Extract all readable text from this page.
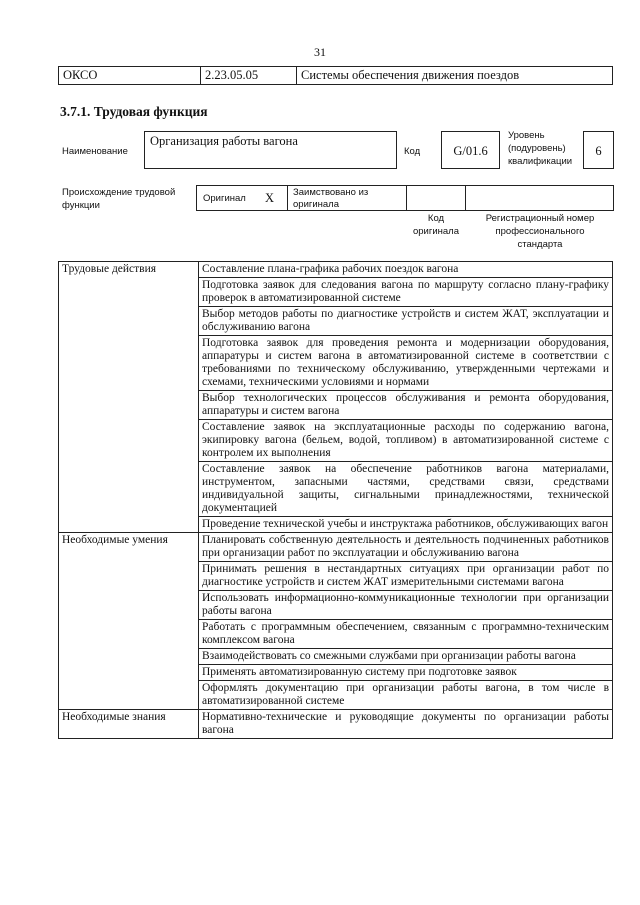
31
ОКСО	2.23.05.05	Системы обеспечения движения поездов
3.7.1. Трудовая функция
Наименование
Организация работы вагона
Код	G/01.6
Уровень
(подуровень)
квалификации
6
Происхождение трудовой
функции
Оригинал X Заимствовано из
оригинала
Код
оригинала
Регистрационный номер
профессионального
стандарта
Трудовые действия	Составление плана-графика рабочих поездок вагона
	Подготовка заявок для следования вагона по маршруту согласно плану-графику проверок в автоматизированной системе
	Выбор методов работы по диагностике устройств и систем ЖАТ, эксплуатации и обслуживанию вагона
	Подготовка заявок для проведения ремонта и модернизации оборудования, аппаратуры и систем вагона в автоматизированной системе в соответствии с требованиями по техническому обслуживанию, утвержденными чертежами и схемами, техническими условиями и нормами
	Выбор технологических процессов обслуживания и ремонта оборудования, аппаратуры и систем вагона
	Составление заявок на эксплуатационные расходы по содержанию вагона, экипировку вагона (бельем, водой, топливом) в автоматизированной системе с контролем их выполнения
	Составление заявок на обеспечение работников вагона материалами, инструментом, запасными частями, средствами связи, средствами индивидуальной защиты, сигнальными принадлежностями, технической документацией
	Проведение технической учебы и инструктажа работников, обслуживающих вагон
Необходимые умения	Планировать собственную деятельность и деятельность подчиненных работников при организации работ по эксплуатации и обслуживанию вагона
	Принимать решения в нестандартных ситуациях при организации работ по диагностике устройств и систем ЖАТ измерительными системами вагона
	Использовать информационно-коммуникационные технологии при организации работы вагона
	Работать с программным обеспечением, связанным с программно-техническим комплексом вагона
	Взаимодействовать со смежными службами при организации работы вагона
	Применять автоматизированную систему при подготовке заявок
	Оформлять документацию при организации работы вагона, в том числе в автоматизированной системе
Необходимые знания	Нормативно-технические и руководящие документы по организации работы вагона
